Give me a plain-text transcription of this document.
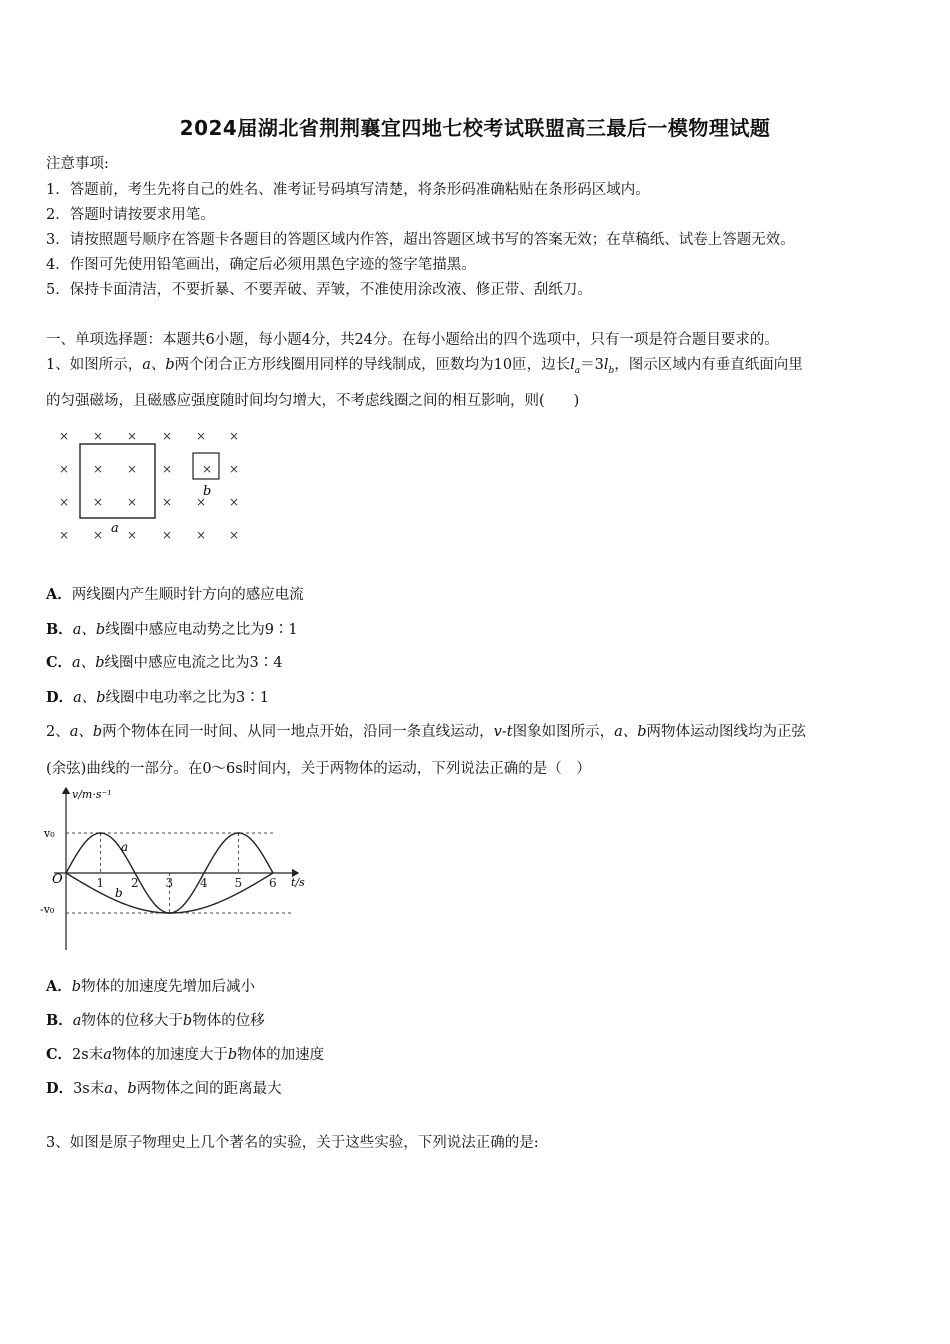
2024届湖北省荆荆襄宜四地七校考试联盟高三最后一模物理试题
注意事项:
1．答题前，考生先将自己的姓名、准考证号码填写清楚，将条形码准确粘贴在条形码区域内。
2．答题时请按要求用笔。
3．请按照题号顺序在答题卡各题目的答题区域内作答，超出答题区域书写的答案无效；在草稿纸、试卷上答题无效。
4．作图可先使用铅笔画出，确定后必须用黑色字迹的签字笔描黑。
5．保持卡面清洁，不要折暴、不要弄破、弄皱，不准使用涂改液、修正带、刮纸刀。
一、单项选择题：本题共6小题，每小题4分，共24分。在每小题给出的四个选项中，只有一项是符合题目要求的。
1、如图所示，a、b两个闭合正方形线圈用同样的导线制成，匝数均为10匝，边长$l_a=3l_b$，图示区域内有垂直纸面向里
的匀强磁场，且磁感应强度随时间均匀增大，不考虑线圈之间的相互影响，则(　　)
× × × × × ×
× × × ×	×
× × × × × ×
× × × × × ×
×
a
b
A．两线圈内产生顺时针方向的感应电流
B．a、b线圈中感应电动势之比为9∶1
C．a、b线圈中感应电流之比为3∶4
D．a、b线圈中电功率之比为3∶1
2、a、b两个物体在同一时间、从同一地点开始，沿同一条直线运动，v-t图象如图所示，a、b两物体运动图线均为正弦
(余弦)曲线的一部分。在0～6s时间内，关于两物体的运动，下列说法正确的是（　）
1 2 3 4 5 6
v/m·s⁻¹
t/s
O
v₀
-v₀
a
b
A．b物体的加速度先增加后减小
B．a物体的位移大于b物体的位移
C．2s末a物体的加速度大于b物体的加速度
D．3s末a、b两物体之间的距离最大
3、如图是原子物理史上几个著名的实验，关于这些实验，下列说法正确的是:
